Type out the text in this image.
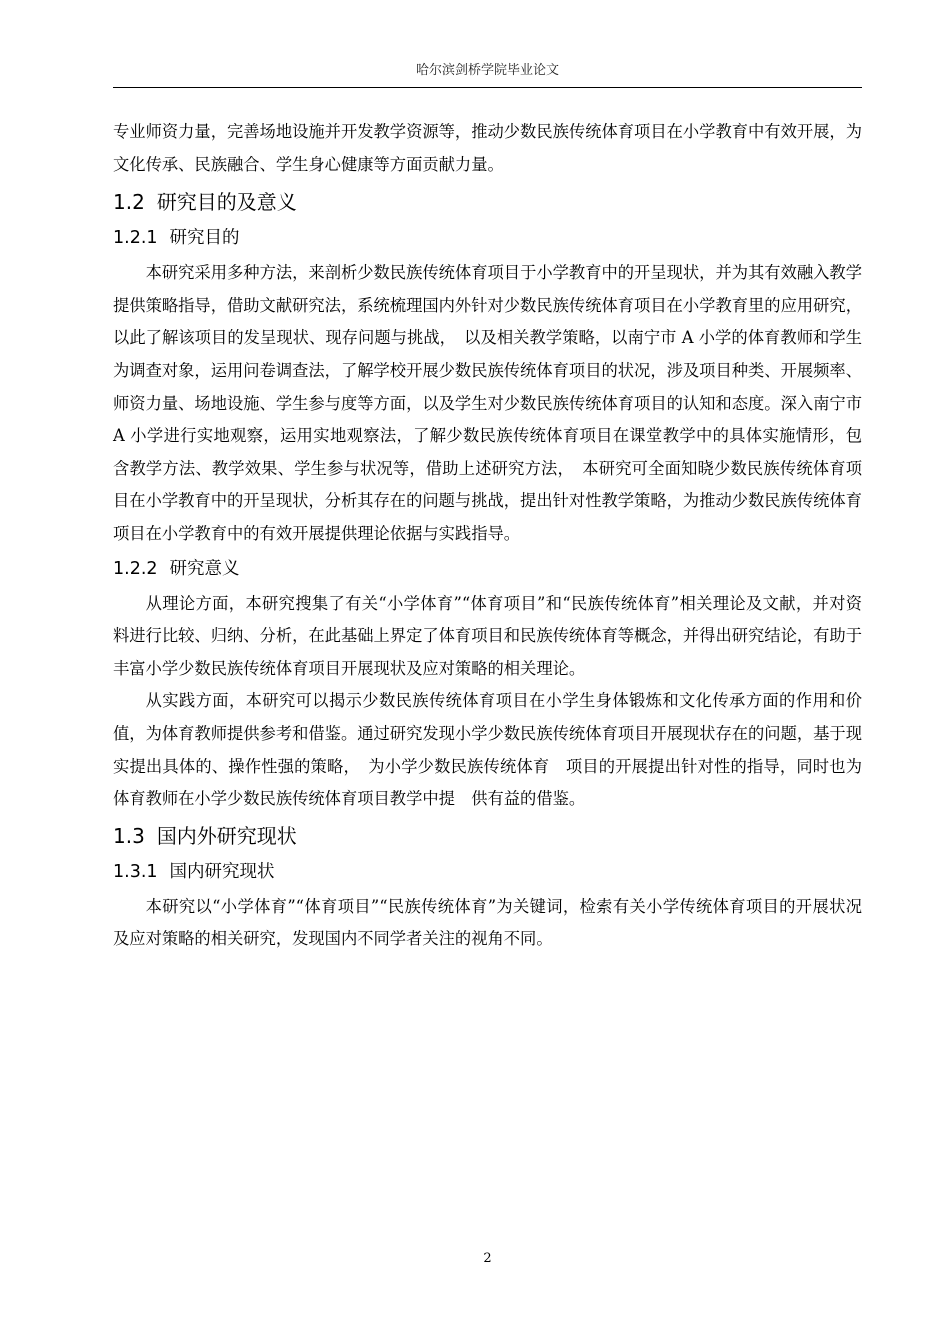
哈尔滨剑桥学院毕业论文

专业师资力量，完善场地设施并开发教学资源等，推动少数民族传统体育项目在小学教育中有效开展，为文化传承、民族融合、学生身心健康等方面贡献力量。

1.2 研究目的及意义
1.2.1 研究目的

本研究采用多种方法，来剖析少数民族传统体育项目于小学教育中的开呈现状，并为其有效融入教学提供策略指导，借助文献研究法，系统梳理国内外针对少数民族传统体育项目在小学教育里的应用研究，以此了解该项目的发呈现状、现存问题与挑战，　以及相关教学策略，以南宁市 A 小学的体育教师和学生为调查对象，运用问卷调查法，了解学校开展少数民族传统体育项目的状况，涉及项目种类、开展频率、师资力量、场地设施、学生参与度等方面，以及学生对少数民族传统体育项目的认知和态度。深入南宁市 A 小学进行实地观察，运用实地观察法，了解少数民族传统体育项目在课堂教学中的具体实施情形，包含教学方法、教学效果、学生参与状况等，借助上述研究方法，　本研究可全面知晓少数民族传统体育项目在小学教育中的开呈现状，分析其存在的问题与挑战，提出针对性教学策略，为推动少数民族传统体育项目在小学教育中的有效开展提供理论依据与实践指导。

1.2.2 研究意义

从理论方面，本研究搜集了有关“小学体育”“体育项目”和“民族传统体育”相关理论及文献，并对资料进行比较、归纳、分析，在此基础上界定了体育项目和民族传统体育等概念，并得出研究结论，有助于丰富小学少数民族传统体育项目开展现状及应对策略的相关理论。

从实践方面，本研究可以揭示少数民族传统体育项目在小学生身体锻炼和文化传承方面的作用和价值，为体育教师提供参考和借鉴。通过研究发现小学少数民族传统体育项目开展现状存在的问题，基于现实提出具体的、操作性强的策略，　为小学少数民族传统体育　项目的开展提出针对性的指导，同时也为体育教师在小学少数民族传统体育项目教学中提　供有益的借鉴。

1.3 国内外研究现状
1.3.1 国内研究现状

本研究以“小学体育”“体育项目”“民族传统体育”为关键词，检索有关小学传统体育项目的开展状况及应对策略的相关研究，发现国内不同学者关注的视角不同。

2
